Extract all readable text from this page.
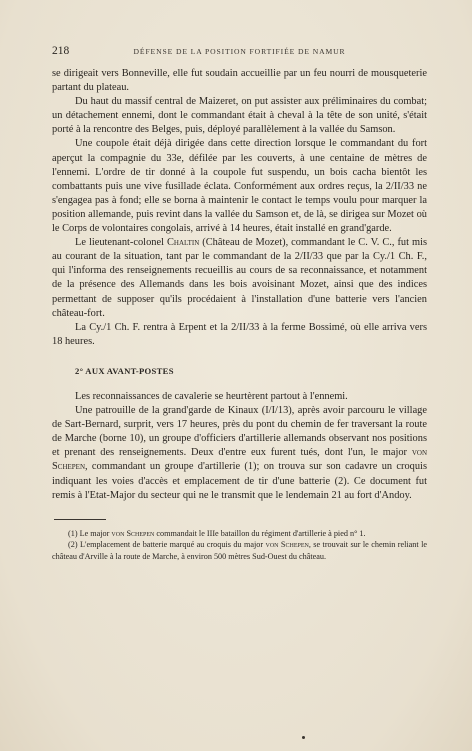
218	DÉFENSE DE LA POSITION FORTIFIÉE DE NAMUR

se dirigeait vers Bonneville, elle fut soudain accueillie par un feu nourri de mousqueterie partant du plateau.

Du haut du massif central de Maizeret, on put assister aux préliminaires du combat; un détachement ennemi, dont le commandant était à cheval à la tête de son unité, s'était porté à la rencontre des Belges, puis, déployé parallèlement à la vallée du Samson.

Une coupole était déjà dirigée dans cette direction lorsque le commandant du fort aperçut la compagnie du 33e, défilée par les couverts, à une centaine de mètres de l'ennemi. L'ordre de tir donné à la coupole fut suspendu, un bois cacha bientôt les combattants puis une vive fusillade éclata. Conformément aux ordres reçus, la 2/II/33 ne s'engagea pas à fond; elle se borna à maintenir le contact le temps voulu pour marquer la position allemande, puis revint dans la vallée du Samson et, de là, se dirigea sur Mozet où le Corps de volontaires congolais, arrivé à 14 heures, était installé en grand'garde.

Le lieutenant-colonel Chaltin (Château de Mozet), commandant le C. V. C., fut mis au courant de la situation, tant par le commandant de la 2/II/33 que par la Cy./1 Ch. F., qui l'informa des renseignements recueillis au cours de sa reconnaissance, et notamment de la présence des Allemands dans les bois avoisinant Mozet, ainsi que des indices permettant de supposer qu'ils procédaient à l'installation d'une batterie vers l'ancien château-fort.

La Cy./1 Ch. F. rentra à Erpent et la 2/II/33 à la ferme Bossimé, où elle arriva vers 18 heures.

2° AUX AVANT-POSTES

Les reconnaissances de cavalerie se heurtèrent partout à l'ennemi.

Une patrouille de la grand'garde de Kinaux (I/I/13), après avoir parcouru le village de Sart-Bernard, surprit, vers 17 heures, près du pont du chemin de fer traversant la route de Marche (borne 10), un groupe d'officiers d'artillerie allemands observant nos positions et prenant des renseignements. Deux d'entre eux furent tués, dont l'un, le major von Schepen, commandant un groupe d'artillerie (1); on trouva sur son cadavre un croquis indiquant les voies d'accès et emplacement de tir d'une batterie (2). Ce document fut remis à l'Etat-Major du secteur qui ne le transmit que le lendemain 21 au fort d'Andoy.

(1) Le major von Schepen commandait le IIIe bataillon du régiment d'artillerie à pied n° 1.

(2) L'emplacement de batterie marqué au croquis du major von Schepen, se trouvait sur le chemin reliant le château d'Arville à la route de Marche, à environ 500 mètres Sud-Ouest du château.
